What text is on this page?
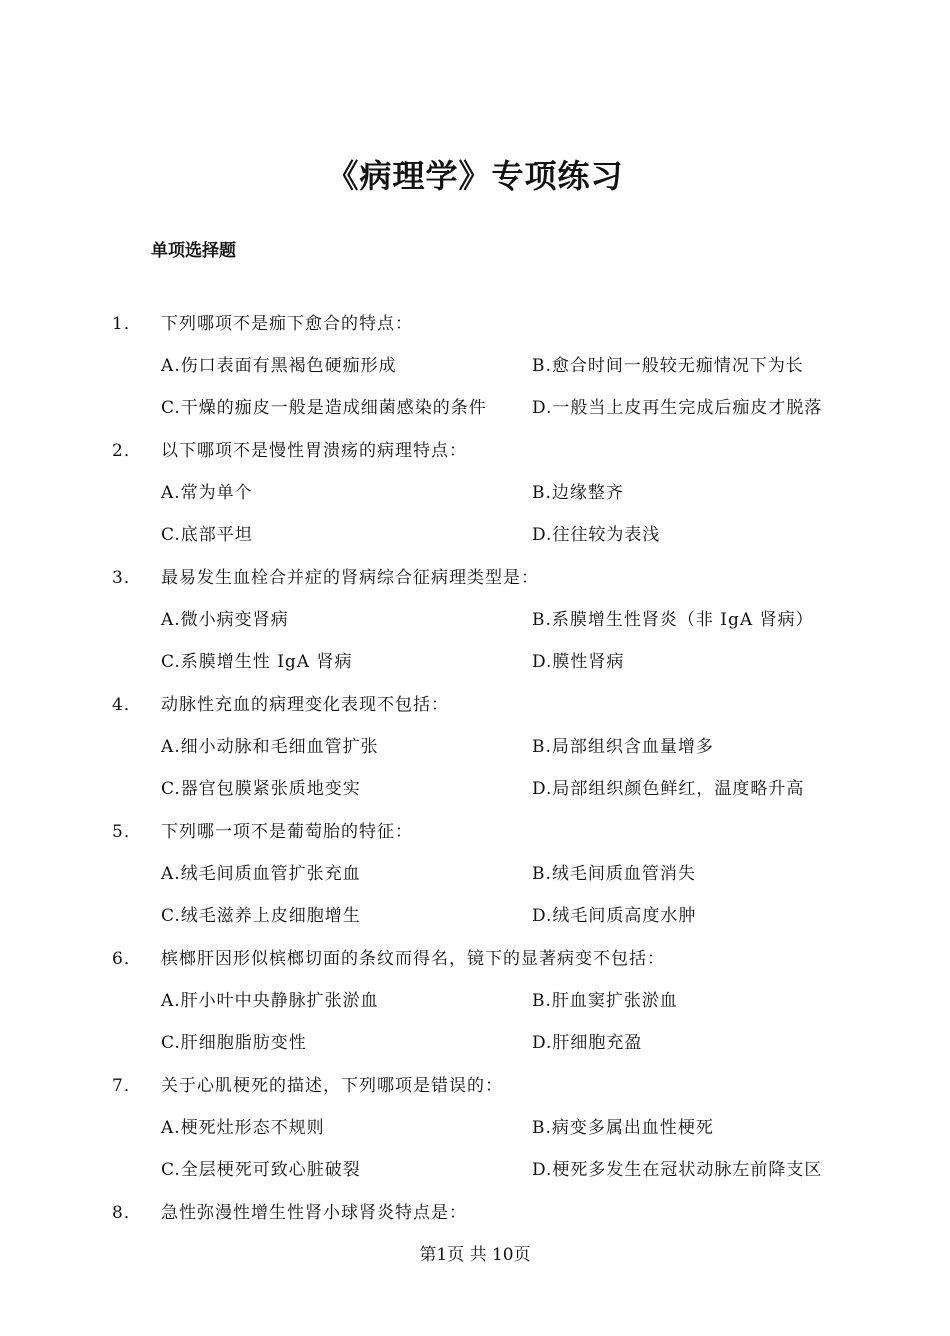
《病理学》专项练习
单项选择题
1． 下列哪项不是痂下愈合的特点：
A.伤口表面有黑褐色硬痂形成	B.愈合时间一般较无痂情况下为长
C.干燥的痂皮一般是造成细菌感染的条件	D.一般当上皮再生完成后痂皮才脱落
2． 以下哪项不是慢性胃溃疡的病理特点：
A.常为单个	B.边缘整齐
C.底部平坦	D.往往较为表浅
3． 最易发生血栓合并症的肾病综合征病理类型是：
A.微小病变肾病	B.系膜增生性肾炎（非 IgA 肾病）
C.系膜增生性 IgA 肾病	D.膜性肾病
4． 动脉性充血的病理变化表现不包括：
A.细小动脉和毛细血管扩张	B.局部组织含血量增多
C.器官包膜紧张质地变实	D.局部组织颜色鲜红，温度略升高
5． 下列哪一项不是葡萄胎的特征：
A.绒毛间质血管扩张充血	B.绒毛间质血管消失
C.绒毛滋养上皮细胞增生	D.绒毛间质高度水肿
6． 槟榔肝因形似槟榔切面的条纹而得名，镜下的显著病变不包括：
A.肝小叶中央静脉扩张淤血	B.肝血窦扩张淤血
C.肝细胞脂肪变性	D.肝细胞充盈
7． 关于心肌梗死的描述，下列哪项是错误的：
A.梗死灶形态不规则	B.病变多属出血性梗死
C.全层梗死可致心脏破裂	D.梗死多发生在冠状动脉左前降支区
8． 急性弥漫性增生性肾小球肾炎特点是：
第1页 共 10页
